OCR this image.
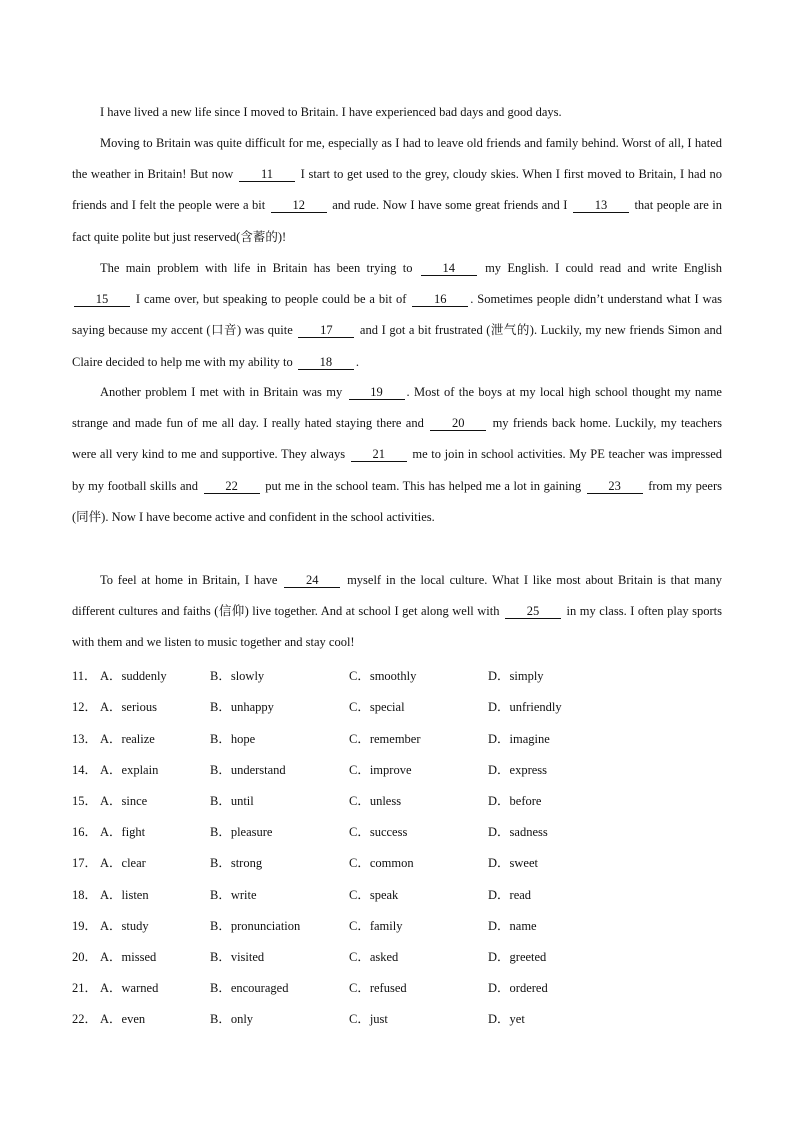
I have lived a new life since I moved to Britain. I have experienced bad days and good days.
Moving to Britain was quite difficult for me, especially as I had to leave old friends and family behind. Worst of all, I hated the weather in Britain! But now 11 I start to get used to the grey, cloudy skies. When I first moved to Britain, I had no friends and I felt the people were a bit 12 and rude. Now I have some great friends and I 13 that people are in fact quite polite but just reserved(含蓄的)!
The main problem with life in Britain has been trying to 14 my English. I could read and write English 15 I came over, but speaking to people could be a bit of 16 . Sometimes people didn’t understand what I was saying because my accent (口音) was quite 17 and I got a bit frustrated (泄气的). Luckily, my new friends Simon and Claire decided to help me with my ability to 18 .
Another problem I met with in Britain was my 19 . Most of the boys at my local high school thought my name strange and made fun of me all day. I really hated staying there and 20 my friends back home. Luckily, my teachers were all very kind to me and supportive. They always 21 me to join in school activities. My PE teacher was impressed by my football skills and 22 put me in the school team. This has helped me a lot in gaining 23 from my peers (同伴). Now I have become active and confident in the school activities.
To feel at home in Britain, I have 24 myself in the local culture. What I like most about Britain is that many different cultures and faiths (信仰) live together. And at school I get along well with 25 in my class. I often play sports with them and we listen to music together and stay cool!
11． A．suddenly	B．slowly	C．smoothly	D．simply
12． A．serious	B．unhappy	C．special	D．unfriendly
13． A．realize	B．hope	C．remember	D．imagine
14． A．explain	B．understand	C．improve	D．express
15． A．since	B．until	C．unless	D．before
16． A．fight	B．pleasure	C．success	D．sadness
17． A．clear	B．strong	C．common	D．sweet
18． A．listen	B．write	C．speak	D．read
19． A．study	B．pronunciation	C．family	D．name
20． A．missed	B．visited	C．asked	D．greeted
21． A．warned	B．encouraged	C．refused	D．ordered
22． A．even	B．only	C．just	D．yet
